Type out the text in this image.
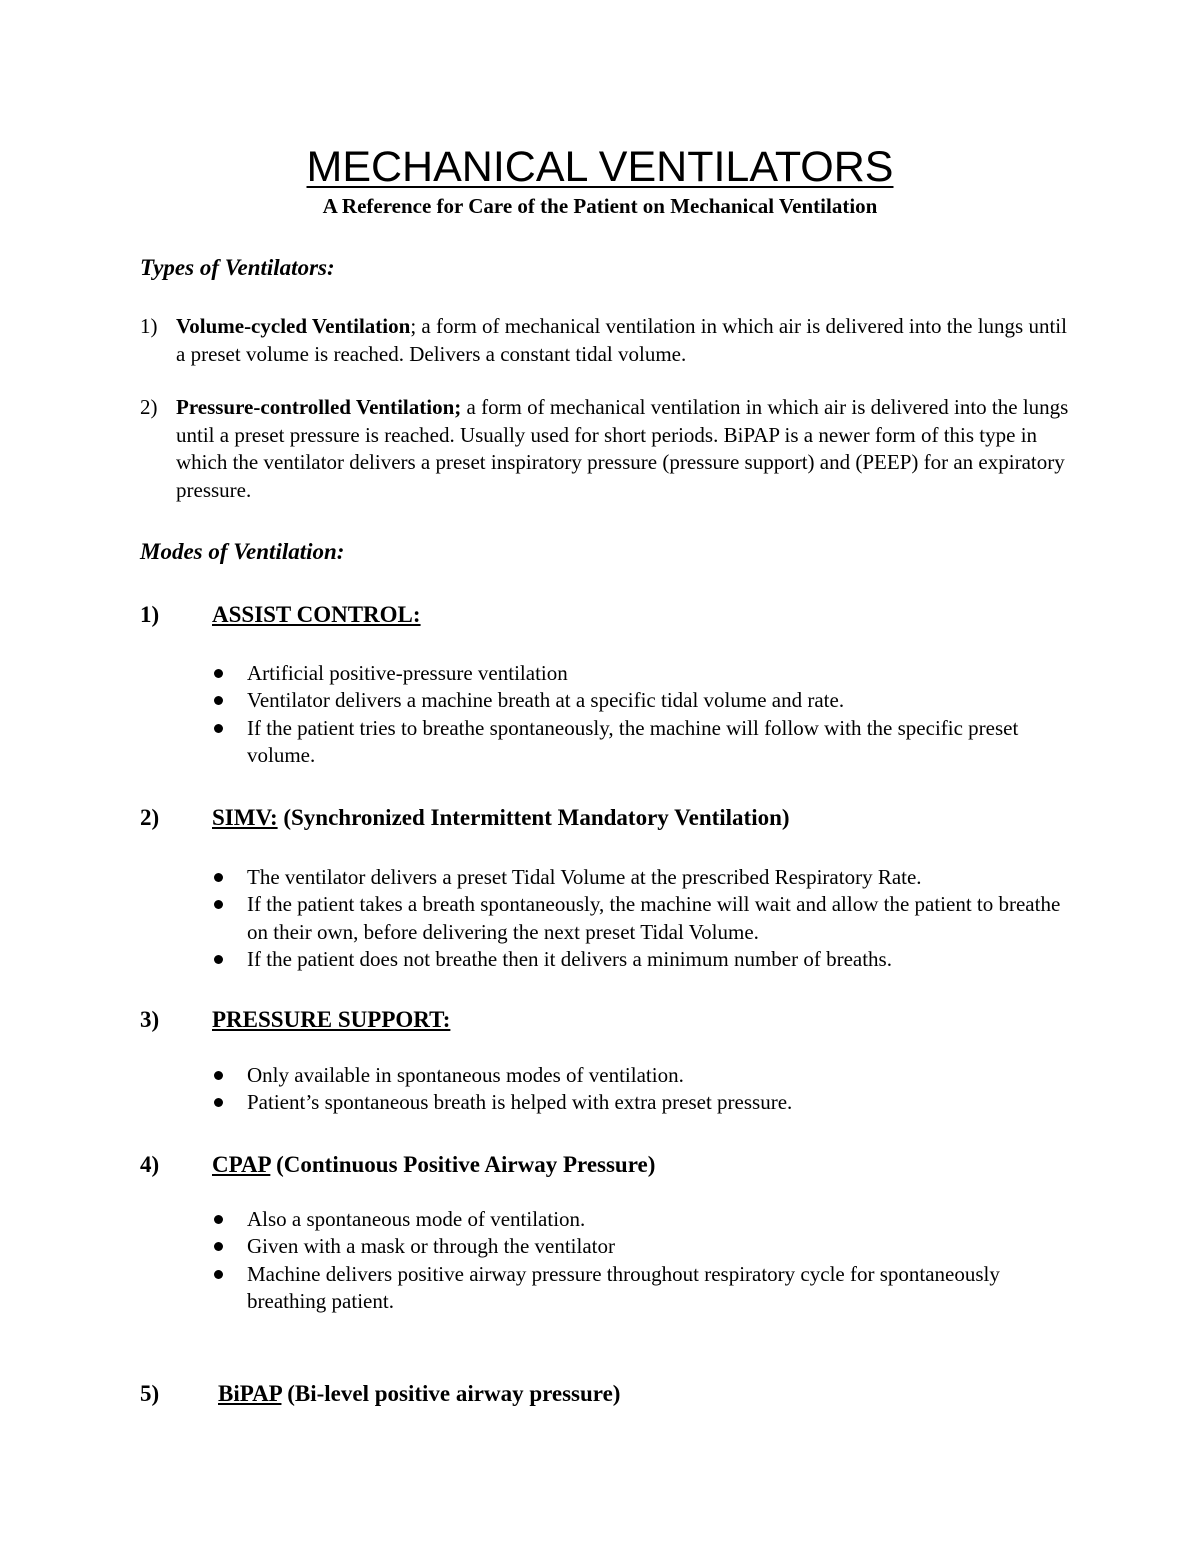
MECHANICAL VENTILATORS
A Reference for Care of the Patient on Mechanical Ventilation
Types of Ventilators:
1) Volume-cycled Ventilation; a form of mechanical ventilation in which air is delivered into the lungs until a preset volume is reached. Delivers a constant tidal volume.
2) Pressure-controlled Ventilation; a form of mechanical ventilation in which air is delivered into the lungs until a preset pressure is reached. Usually used for short periods. BiPAP is a newer form of this type in which the ventilator delivers a preset inspiratory pressure (pressure support) and (PEEP) for an expiratory pressure.
Modes of Ventilation:
1) ASSIST CONTROL:
Artificial positive-pressure ventilation
Ventilator delivers a machine breath at a specific tidal volume and rate.
If the patient tries to breathe spontaneously, the machine will follow with the specific preset volume.
2) SIMV: (Synchronized Intermittent Mandatory Ventilation)
The ventilator delivers a preset Tidal Volume at the prescribed Respiratory Rate.
If the patient takes a breath spontaneously, the machine will wait and allow the patient to breathe on their own, before delivering the next preset Tidal Volume.
If the patient does not breathe then it delivers a minimum number of breaths.
3) PRESSURE SUPPORT:
Only available in spontaneous modes of ventilation.
Patient’s spontaneous breath is helped with extra preset pressure.
4) CPAP (Continuous Positive Airway Pressure)
Also a spontaneous mode of ventilation.
Given with a mask or through the ventilator
Machine delivers positive airway pressure throughout respiratory cycle for spontaneously breathing patient.
5)	BiPAP (Bi-level positive airway pressure)
